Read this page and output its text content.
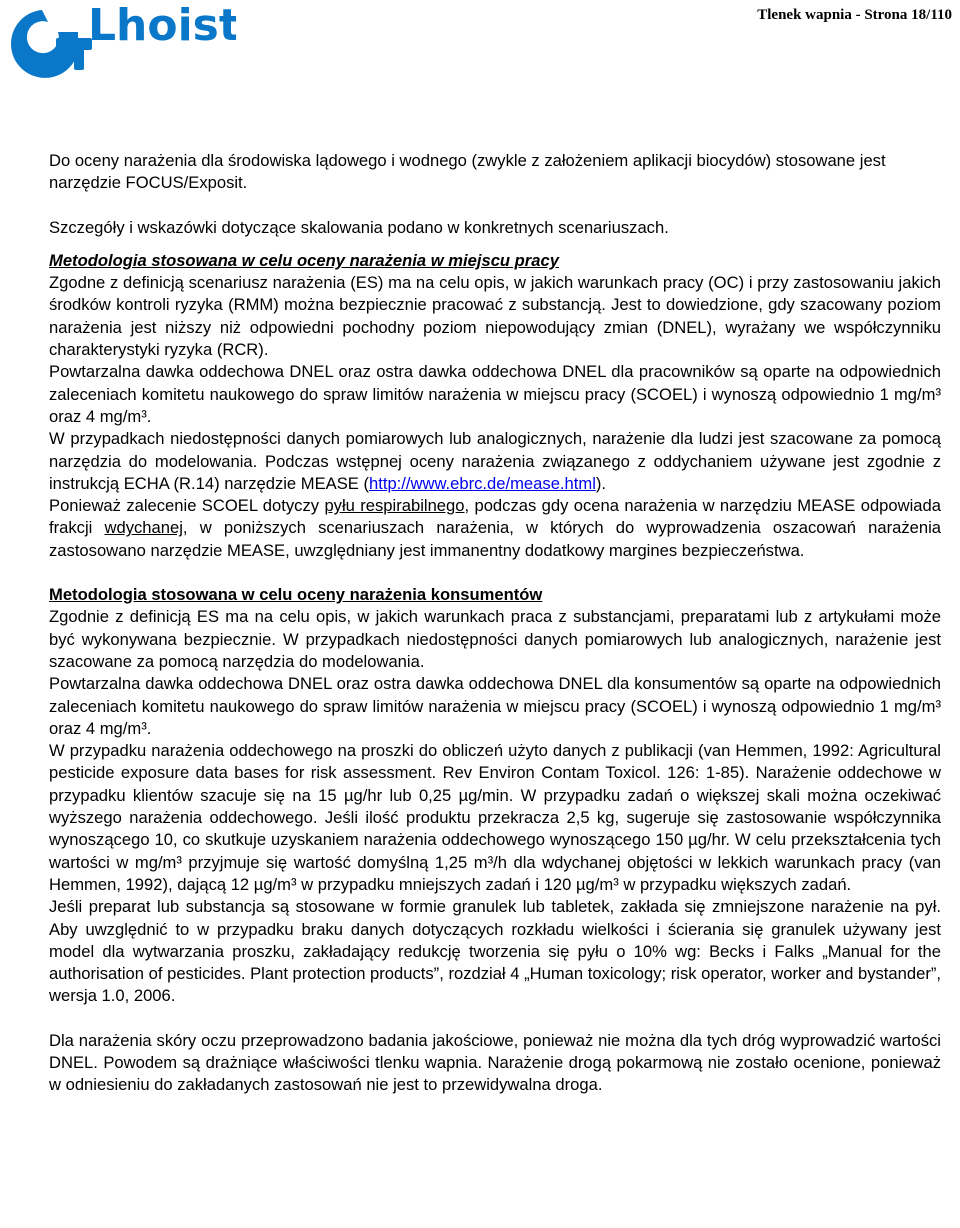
Lhoist	Tlenek wapnia - Strona 18/110

Do oceny narażenia dla środowiska lądowego i wodnego (zwykle z założeniem aplikacji biocydów) stosowane jest narzędzie FOCUS/Exposit.

Szczegóły i wskazówki dotyczące skalowania podano w konkretnych scenariuszach.

Metodologia stosowana w celu oceny narażenia w miejscu pracy

Zgodne z definicją scenariusz narażenia (ES) ma na celu opis, w jakich warunkach pracy (OC) i przy zastosowaniu jakich środków kontroli ryzyka (RMM) można bezpiecznie pracować z substancją. Jest to dowiedzione, gdy szacowany poziom narażenia jest niższy niż odpowiedni pochodny poziom niepowodujący zmian (DNEL), wyrażany we współczynniku charakterystyki ryzyka (RCR).

Powtarzalna dawka oddechowa DNEL oraz ostra dawka oddechowa DNEL dla pracowników są oparte na odpowiednich zaleceniach komitetu naukowego do spraw limitów narażenia w miejscu pracy (SCOEL) i wynoszą odpowiednio 1 mg/m³ oraz 4 mg/m³.

W przypadkach niedostępności danych pomiarowych lub analogicznych, narażenie dla ludzi jest szacowane za pomocą narzędzia do modelowania. Podczas wstępnej oceny narażenia związanego z oddychaniem używane jest zgodnie z instrukcją ECHA (R.14) narzędzie MEASE (http://www.ebrc.de/mease.html).

Ponieważ zalecenie SCOEL dotyczy pyłu respirabilnego, podczas gdy ocena narażenia w narzędziu MEASE odpowiada frakcji wdychanej, w poniższych scenariuszach narażenia, w których do wyprowadzenia oszacowań narażenia zastosowano narzędzie MEASE, uwzględniany jest immanentny dodatkowy margines bezpieczeństwa.

Metodologia stosowana w celu oceny narażenia konsumentów

Zgodnie z definicją ES ma na celu opis, w jakich warunkach praca z substancjami, preparatami lub z artykułami może być wykonywana bezpiecznie. W przypadkach niedostępności danych pomiarowych lub analogicznych, narażenie jest szacowane za pomocą narzędzia do modelowania.

Powtarzalna dawka oddechowa DNEL oraz ostra dawka oddechowa DNEL dla konsumentów są oparte na odpowiednich zaleceniach komitetu naukowego do spraw limitów narażenia w miejscu pracy (SCOEL) i wynoszą odpowiednio 1 mg/m³ oraz 4 mg/m³.

W przypadku narażenia oddechowego na proszki do obliczeń użyto danych z publikacji (van Hemmen, 1992: Agricultural pesticide exposure data bases for risk assessment. Rev Environ Contam Toxicol. 126: 1-85). Narażenie oddechowe w przypadku klientów szacuje się na 15 µg/hr lub 0,25 µg/min. W przypadku zadań o większej skali można oczekiwać wyższego narażenia oddechowego. Jeśli ilość produktu przekracza 2,5 kg, sugeruje się zastosowanie współczynnika wynoszącego 10, co skutkuje uzyskaniem narażenia oddechowego wynoszącego 150 µg/hr. W celu przekształcenia tych wartości w mg/m³ przyjmuje się wartość domyślną 1,25 m³/h dla wdychanej objętości w lekkich warunkach pracy (van Hemmen, 1992), dającą 12 µg/m³ w przypadku mniejszych zadań i 120 µg/m³ w przypadku większych zadań.

Jeśli preparat lub substancja są stosowane w formie granulek lub tabletek, zakłada się zmniejszone narażenie na pył. Aby uwzględnić to w przypadku braku danych dotyczących rozkładu wielkości i ścierania się granulek używany jest model dla wytwarzania proszku, zakładający redukcję tworzenia się pyłu o 10% wg: Becks i Falks „Manual for the authorisation of pesticides. Plant protection products”, rozdział 4 „Human toxicology; risk operator, worker and bystander”, wersja 1.0, 2006.

Dla narażenia skóry oczu przeprowadzono badania jakościowe, ponieważ nie można dla tych dróg wyprowadzić wartości DNEL. Powodem są drażniące właściwości tlenku wapnia. Narażenie drogą pokarmową nie zostało ocenione, ponieważ w odniesieniu do zakładanych zastosowań nie jest to przewidywalna droga.
